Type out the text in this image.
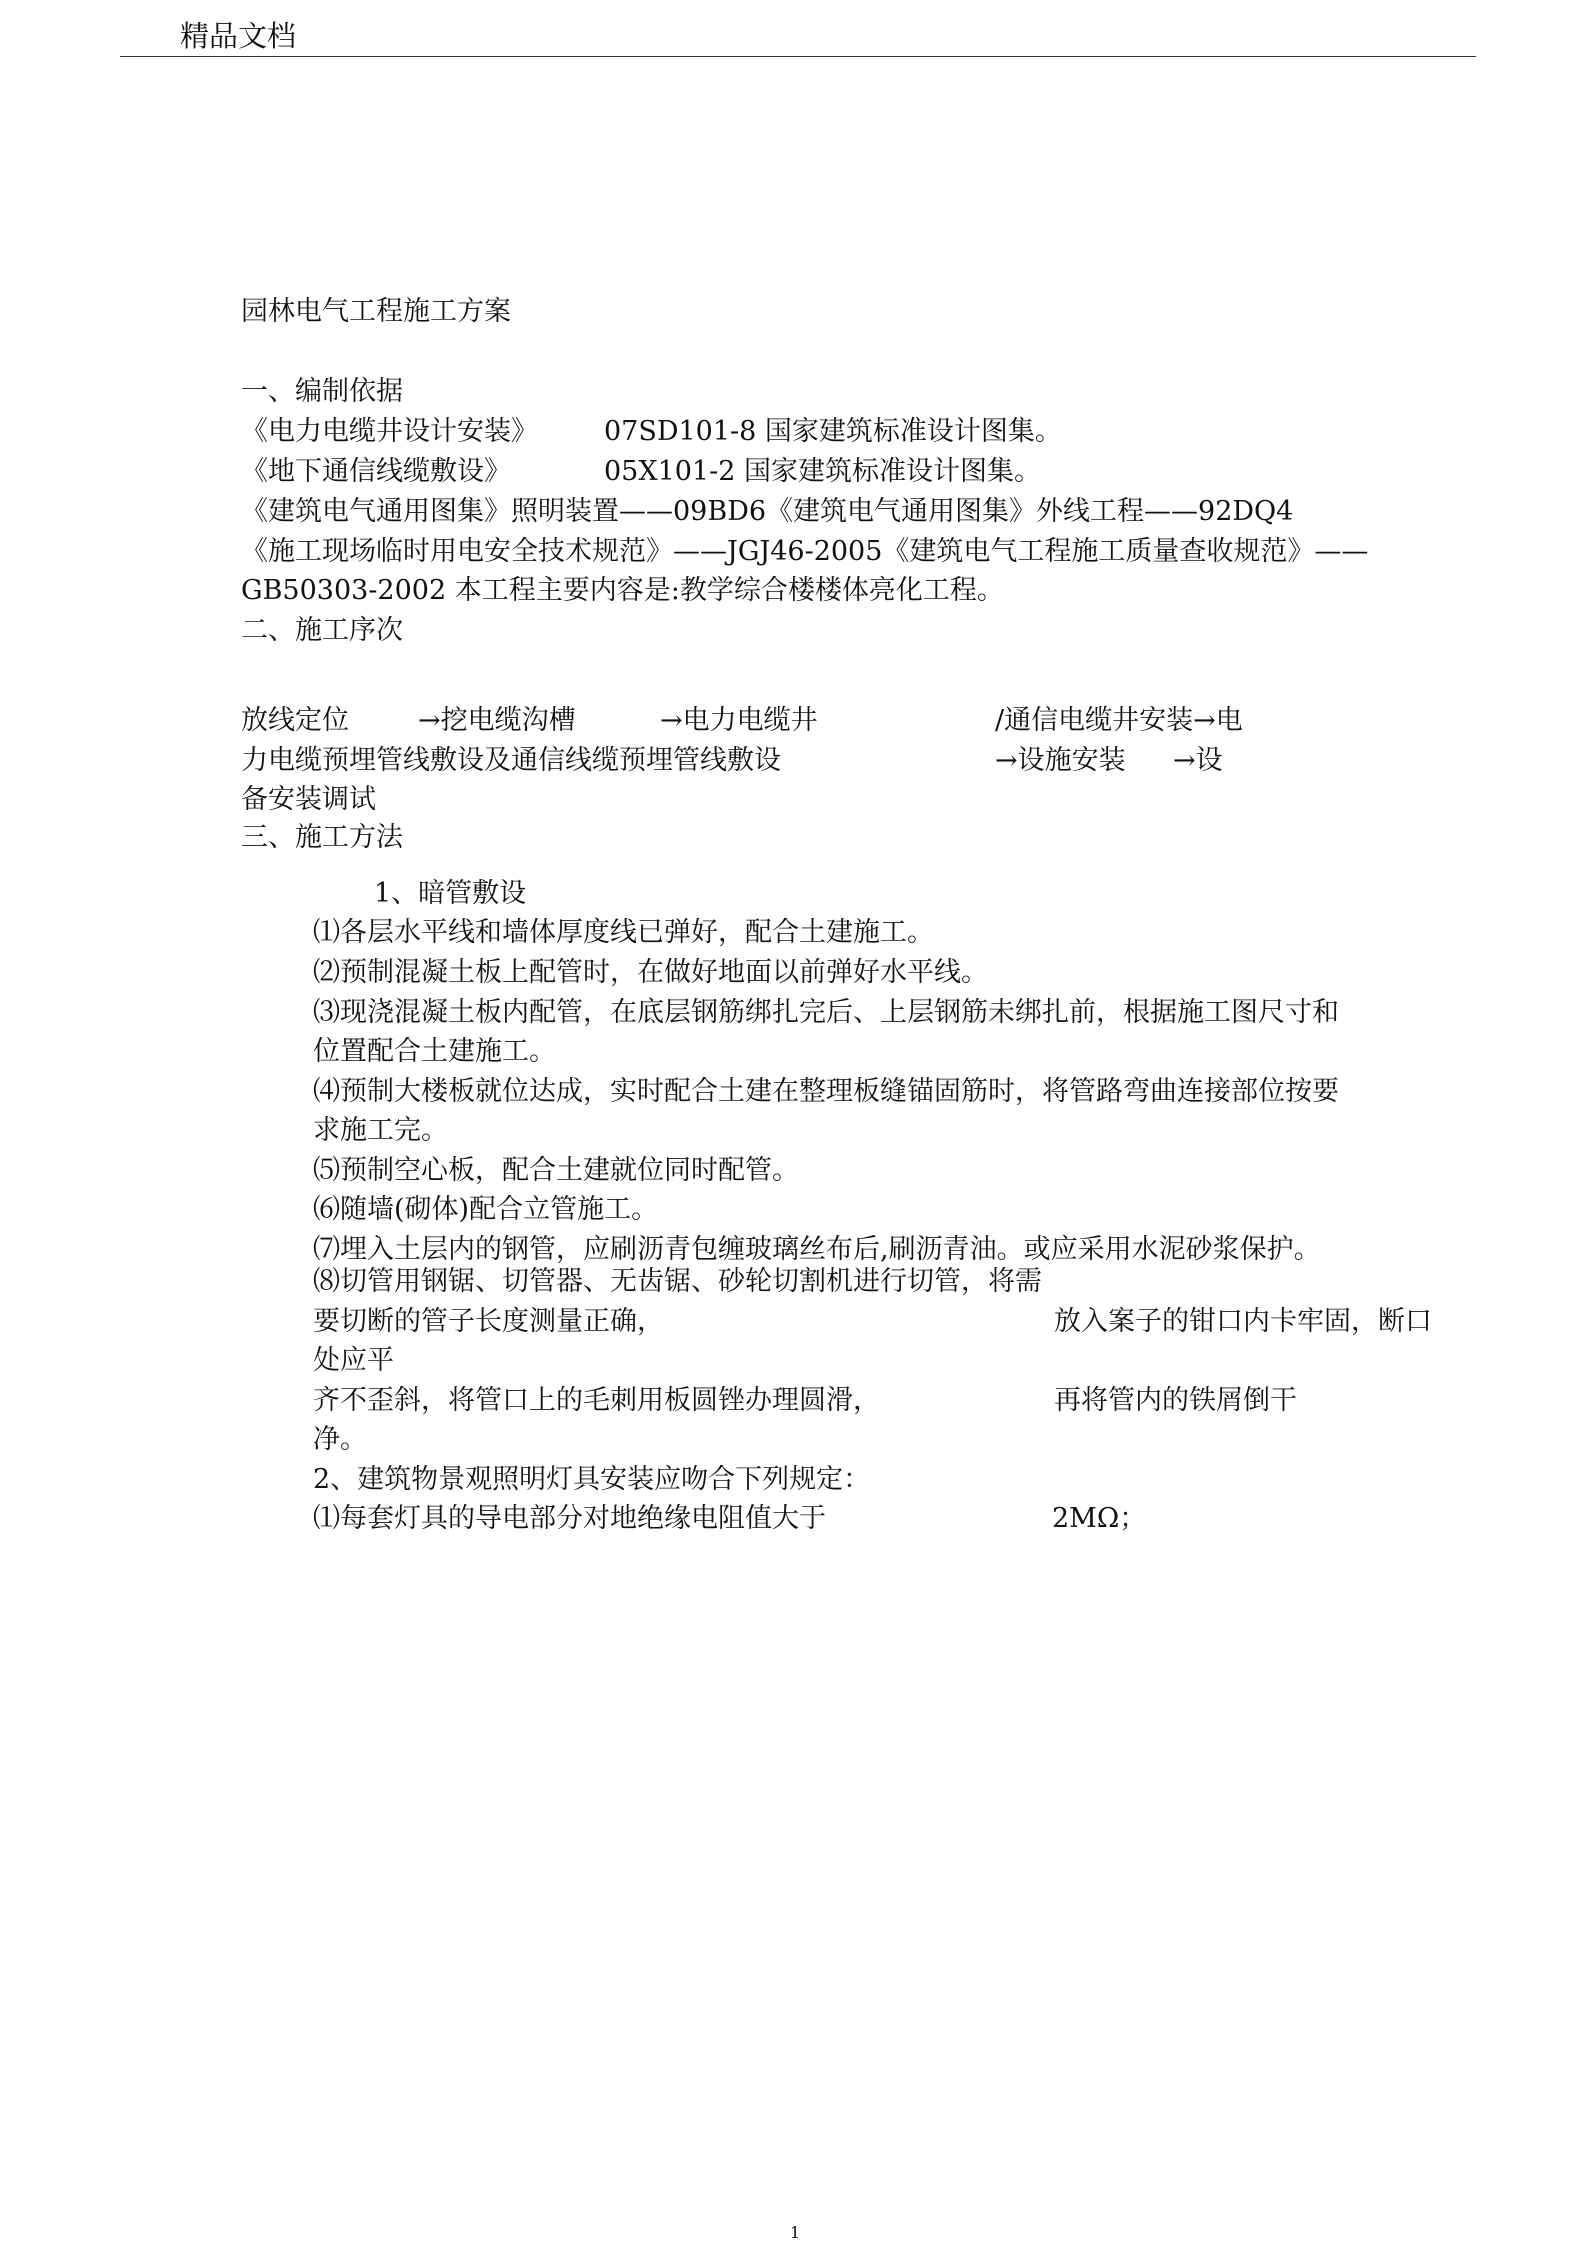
精品文档
园林电气工程施工方案
一、编制依据
《电力电缆井设计安装》 07SD101-8 国家建筑标准设计图集。
《地下通信线缆敷设》	05X101-2 国家建筑标准设计图集。
《建筑电气通用图集》照明装置——09BD6《建筑电气通用图集》外线工程——92DQ4
《施工现场临时用电安全技术规范》——JGJ46-2005《建筑电气工程施工质量查收规范》——
GB50303-2002 本工程主要内容是:教学综合楼楼体亮化工程。
二、施工序次
放线定位	→挖电缆沟槽	→电力电缆井	/通信电缆井安装→电
力电缆预埋管线敷设及通信线缆预埋管线敷设	→设施安装 →设
备安装调试
三、施工方法
1、暗管敷设
⑴各层水平线和墙体厚度线已弹好，配合土建施工。
⑵预制混凝土板上配管时，在做好地面以前弹好水平线。
⑶现浇混凝土板内配管，在底层钢筋绑扎完后、上层钢筋未绑扎前，根据施工图尺寸和
位置配合土建施工。
⑷预制大楼板就位达成，实时配合土建在整理板缝锚固筋时，将管路弯曲连接部位按要
求施工完。
⑸预制空心板，配合土建就位同时配管。
⑹随墙(砌体)配合立管施工。
⑺埋入土层内的钢管，应刷沥青包缠玻璃丝布后,刷沥青油。或应采用水泥砂浆保护。
⑻切管用钢锯、切管器、无齿锯、砂轮切割机进行切管，将需
要切断的管子长度测量正确，	放入案子的钳口内卡牢固，断口
处应平
齐不歪斜，将管口上的毛刺用板圆锉办理圆滑，	再将管内的铁屑倒干
净。
2、建筑物景观照明灯具安装应吻合下列规定：
⑴每套灯具的导电部分对地绝缘电阻值大于	2MΩ；
1
